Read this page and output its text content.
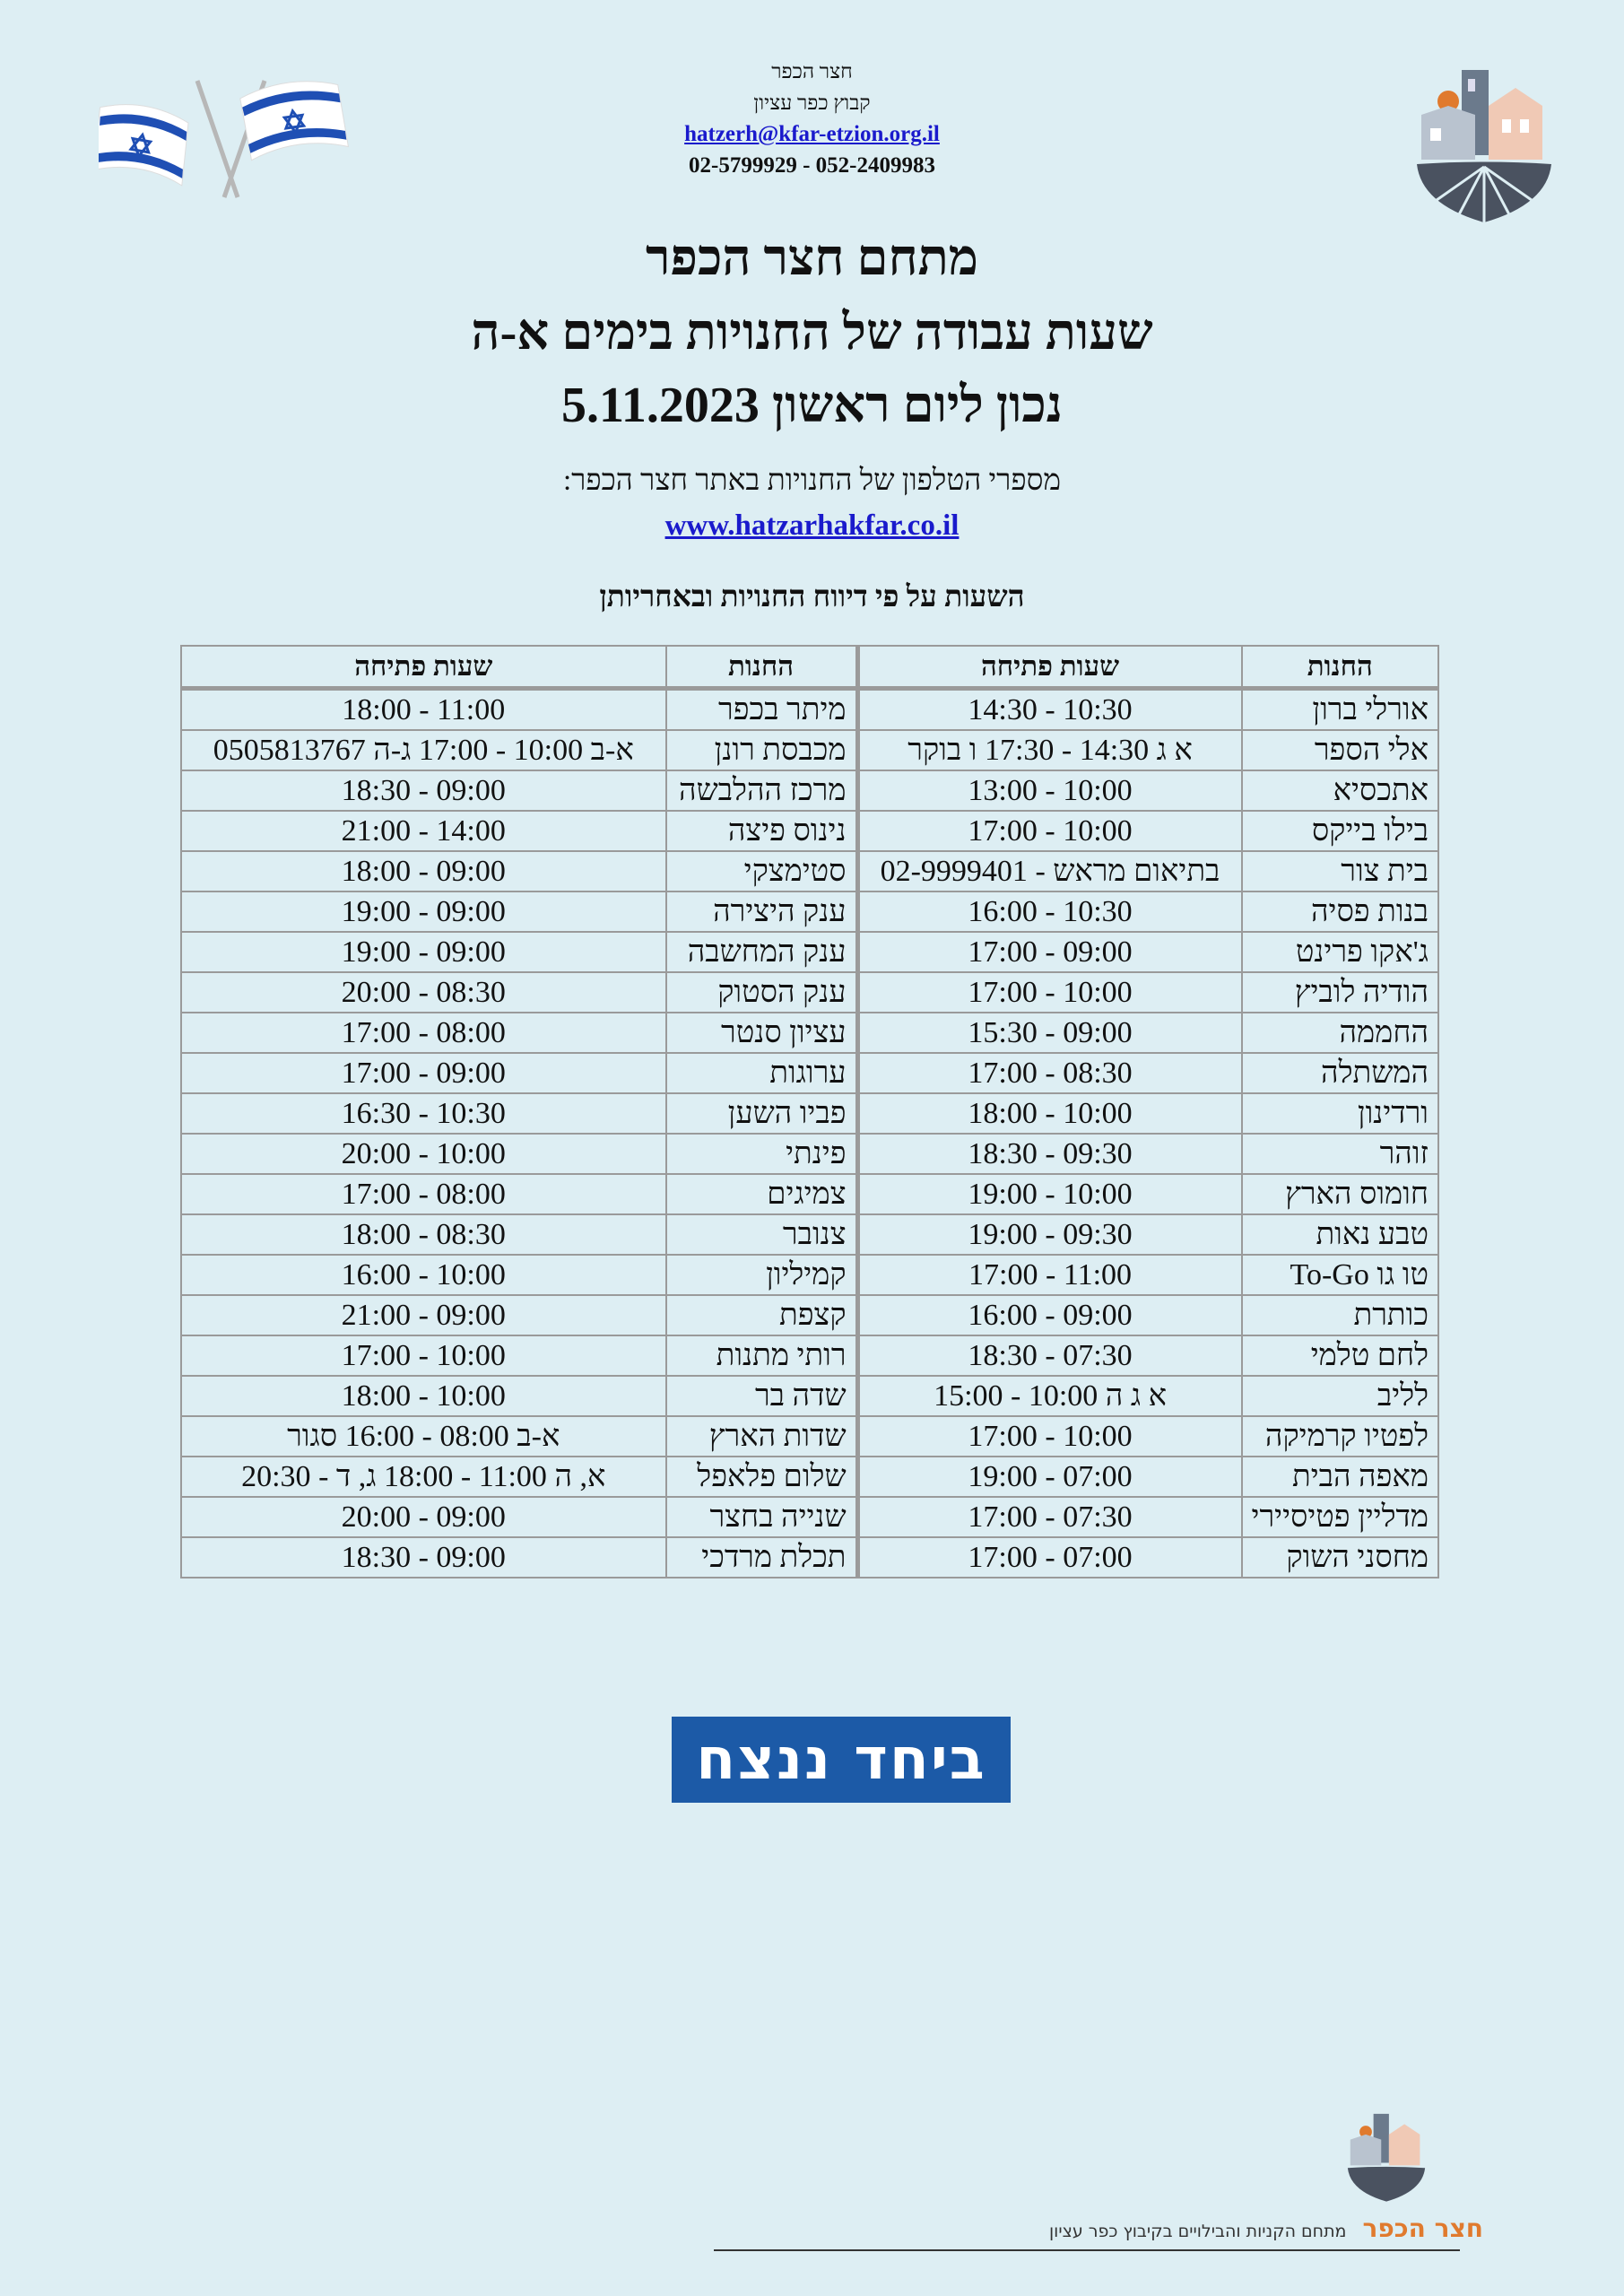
חצר הכפר
קבוץ כפר עציון
hatzerh@kfar-etzion.org.il
02-5799929 - 052-2409983
מתחם חצר הכפר
שעות עבודה של החנויות בימים א-ה
נכון ליום ראשון 5.11.2023
מספרי הטלפון של החנויות באתר חצר הכפר:
www.hatzarhakfar.co.il
השעות על פי דיווח החנויות ובאחריותן
החנות	שעות פתיחה	החנות	שעות פתיחה
אורלי ברון	10:30 - 14:30	מיתר בכפר	11:00 - 18:00
אלי הספר	א ג 14:30 - 17:30 ו בוקר	מכבסת רונן	א-ב 10:00 - 17:00 ג-ה 0505813767
אתכסיא	10:00 - 13:00	מרכז ההלבשה	09:00 - 18:30
בילו בייקס	10:00 - 17:00	נינוס פיצה	14:00 - 21:00
בית צור	בתיאום מראש - 02-9999401	סטימצקי	09:00 - 18:00
בנות פסיה	10:30 - 16:00	ענק היצירה	09:00 - 19:00
ג'אקו פרינט	09:00 - 17:00	ענק המחשבה	09:00 - 19:00
הודיה לוביץ	10:00 - 17:00	ענק הסטוק	08:30 - 20:00
החממה	09:00 - 15:30	עציון סנטר	08:00 - 17:00
המשתלה	08:30 - 17:00	ערוגות	09:00 - 17:00
ורדינון	10:00 - 18:00	פביו השען	10:30 - 16:30
זוהר	09:30 - 18:30	פינתי	10:00 - 20:00
חומוס הארץ	10:00 - 19:00	צמיגים	08:00 - 17:00
טבע נאות	09:30 - 19:00	צנובר	08:30 - 18:00
טו גו To-Go	11:00 - 17:00	קמיליון	10:00 - 16:00
כותרת	09:00 - 16:00	קצפת	09:00 - 21:00
לחם טלמי	07:30 - 18:30	רותי מתנות	10:00 - 17:00
לליב	א ג ה 10:00 - 15:00	שדה בר	10:00 - 18:00
לפטיו קרמיקה	10:00 - 17:00	שדות הארץ	א-ב 08:00 - 16:00 סגור
מאפה הבית	07:00 - 19:00	שלום פלאפל	א, ה 11:00 - 18:00 ג, ד - 20:30
מדליין פטיסיירי	07:30 - 17:00	שנייה בחצר	09:00 - 20:00
מחסני השוק	07:00 - 17:00	תכלת מרדכי	09:00 - 18:30
ביחד ננצח
חצר הכפר מתחם הקניות והבילויים בקיבוץ כפר עציון
